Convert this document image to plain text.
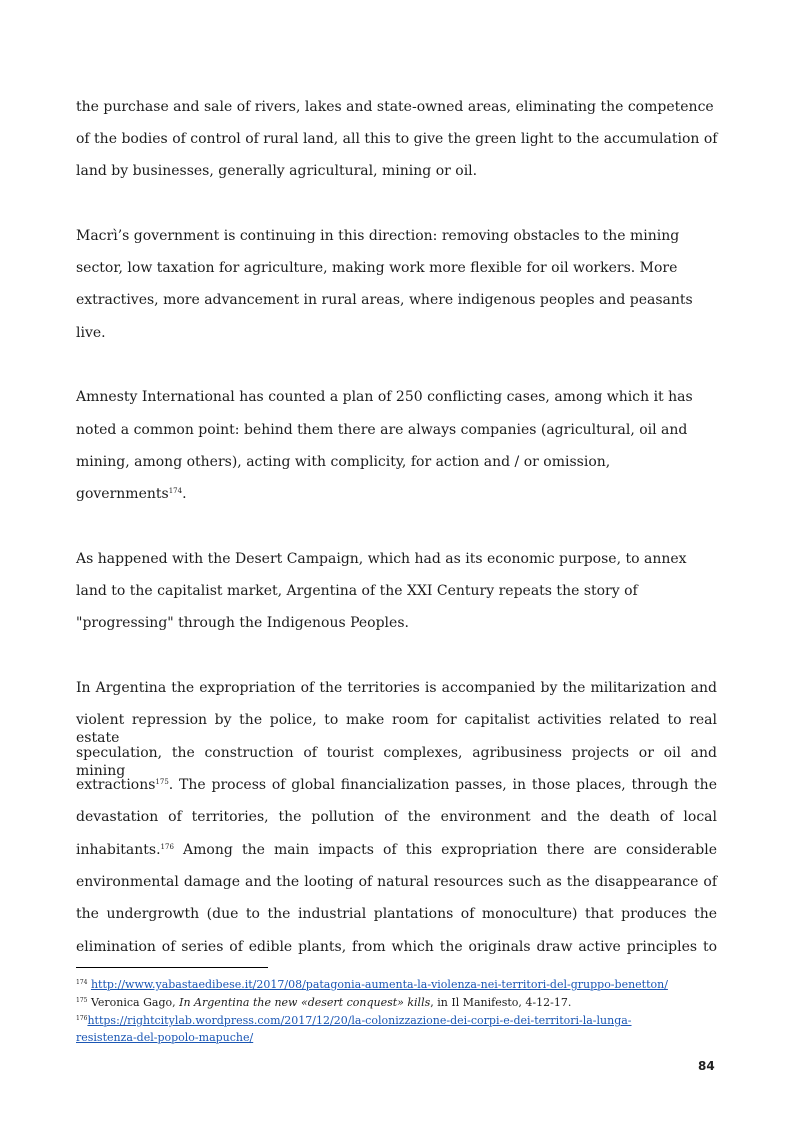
the purchase and sale of rivers, lakes and state-owned areas, eliminating the competence
of the bodies of control of rural land, all this to give the green light to the accumulation of
land by businesses, generally agricultural, mining or oil.
Macrì’s government is continuing in this direction: removing obstacles to the mining
sector, low taxation for agriculture, making work more flexible for oil workers. More
extractives, more advancement in rural areas, where indigenous peoples and peasants
live.
Amnesty International has counted a plan of 250 conflicting cases, among which it has
noted a common point: behind them there are always companies (agricultural, oil and
mining, among others), acting with complicity, for action and / or omission,
governments$^{174}$.
As happened with the Desert Campaign, which had as its economic purpose, to annex
land to the capitalist market, Argentina of the XXI Century repeats the story of
"progressing" through the Indigenous Peoples.
In Argentina the expropriation of the territories is accompanied by the militarization and
violent repression by the police, to make room for capitalist activities related to real estate
speculation, the construction of tourist complexes, agribusiness projects or oil and mining
extractions$^{175}$. The process of global financialization passes, in those places, through the
devastation of territories, the pollution of the environment and the death of local
inhabitants.$^{176}$ Among the main impacts of this expropriation there are considerable
environmental damage and the looting of natural resources such as the disappearance of
the undergrowth (due to the industrial plantations of monoculture) that produces the
elimination of series of edible plants, from which the originals draw active principles to
$^{174}$ http://www.yabastaedibese.it/2017/08/patagonia-aumenta-la-violenza-nei-territori-del-gruppo-benetton/
$^{175}$ Veronica Gago, In Argentina the new «desert conquest» kills, in Il Manifesto, 4-12-17.
$^{176}$https://rightcitylab.wordpress.com/2017/12/20/la-colonizzazione-dei-corpi-e-dei-territori-la-lunga-
resistenza-del-popolo-mapuche/
84
